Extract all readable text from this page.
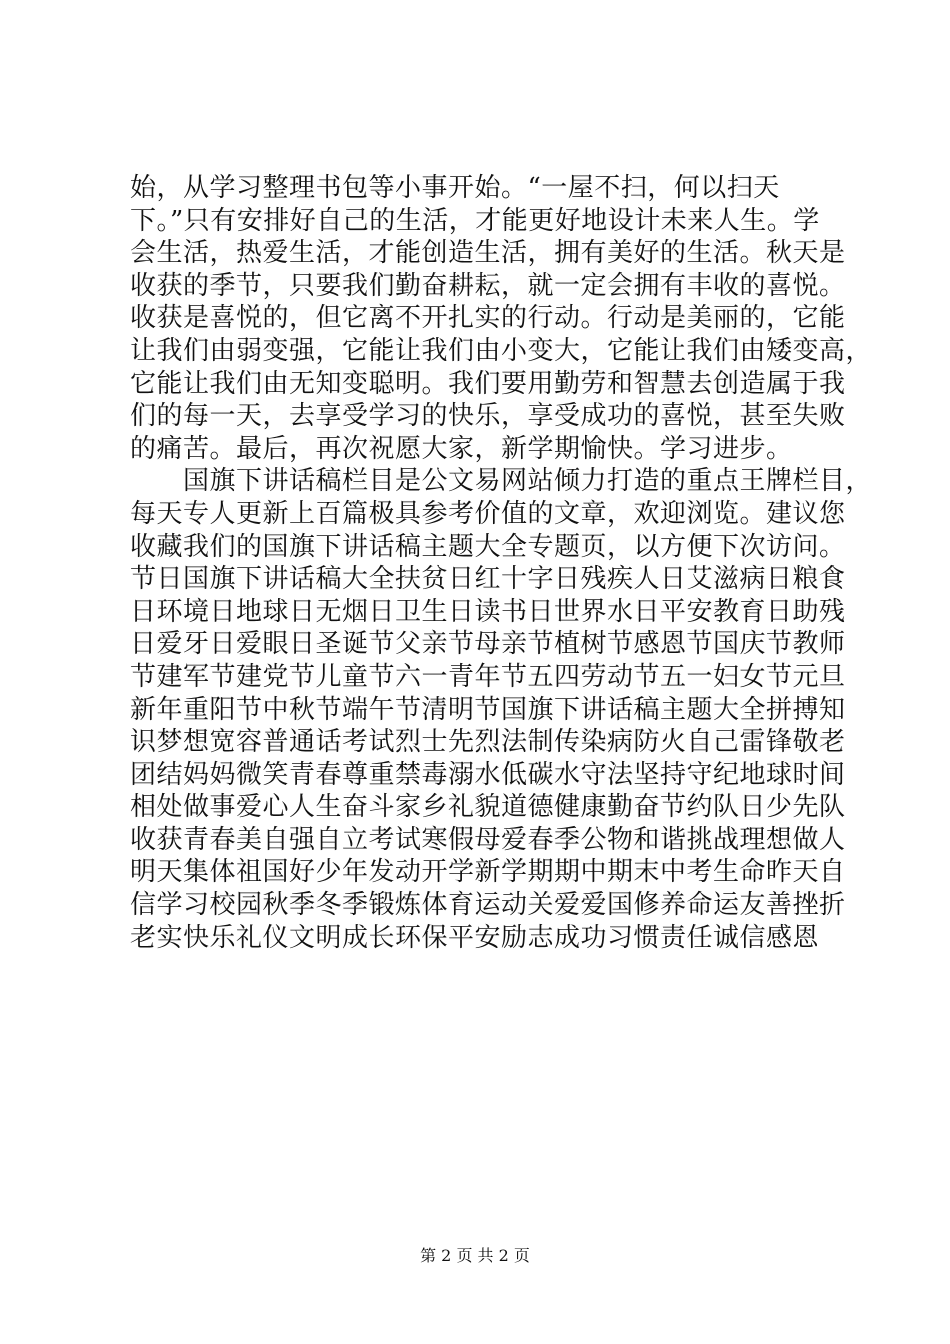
始，从学习整理书包等小事开始。“一屋不扫，何以扫天
下。”只有安排好自己的生活，才能更好地设计未来人生。学
会生活，热爱生活，才能创造生活，拥有美好的生活。秋天是
收获的季节，只要我们勤奋耕耘，就一定会拥有丰收的喜悦。
收获是喜悦的，但它离不开扎实的行动。行动是美丽的，它能
让我们由弱变强，它能让我们由小变大，它能让我们由矮变高，
它能让我们由无知变聪明。我们要用勤劳和智慧去创造属于我
们的每一天，去享受学习的快乐，享受成功的喜悦，甚至失败
的痛苦。最后，再次祝愿大家，新学期愉快。学习进步。
　　国旗下讲话稿栏目是公文易网站倾力打造的重点王牌栏目，
每天专人更新上百篇极具参考价值的文章，欢迎浏览。建议您
收藏我们的国旗下讲话稿主题大全专题页，以方便下次访问。
节日国旗下讲话稿大全扶贫日红十字日残疾人日艾滋病日粮食
日环境日地球日无烟日卫生日读书日世界水日平安教育日助残
日爱牙日爱眼日圣诞节父亲节母亲节植树节感恩节国庆节教师
节建军节建党节儿童节六一青年节五四劳动节五一妇女节元旦
新年重阳节中秋节端午节清明节国旗下讲话稿主题大全拼搏知
识梦想宽容普通话考试烈士先烈法制传染病防火自己雷锋敬老
团结妈妈微笑青春尊重禁毒溺水低碳水守法坚持守纪地球时间
相处做事爱心人生奋斗家乡礼貌道德健康勤奋节约队日少先队
收获青春美自强自立考试寒假母爱春季公物和谐挑战理想做人
明天集体祖国好少年发动开学新学期期中期末中考生命昨天自
信学习校园秋季冬季锻炼体育运动关爱爱国修养命运友善挫折
老实快乐礼仪文明成长环保平安励志成功习惯责任诚信感恩
第 2 页 共 2 页
